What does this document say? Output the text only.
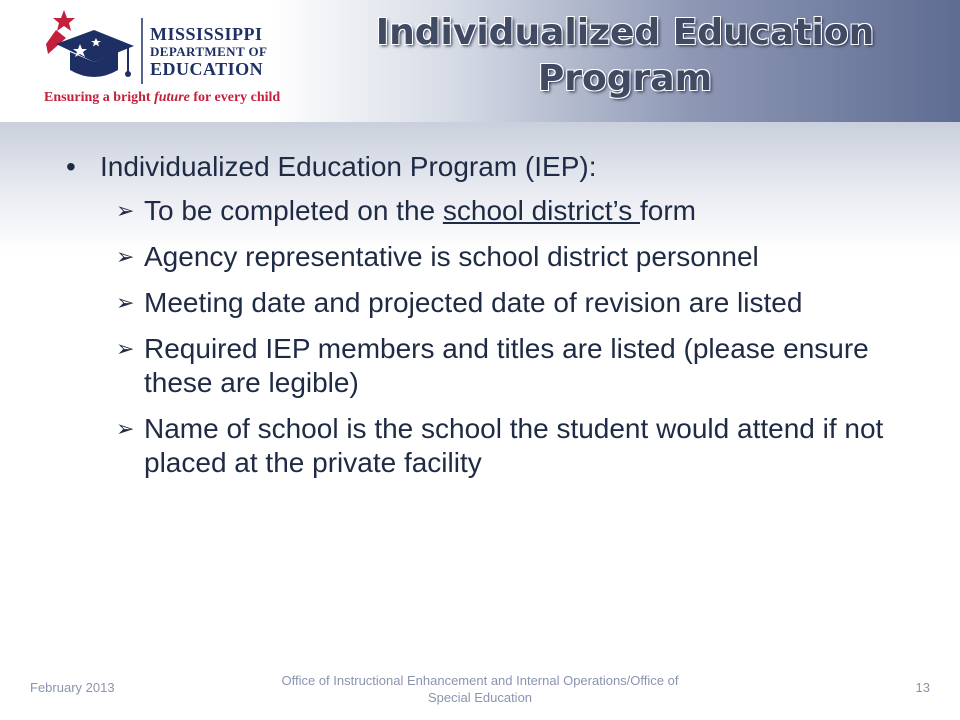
MISSISSIPPI
DEPARTMENT OF
EDUCATION
Ensuring a bright future for every child
Individualized Education Program
• Individualized Education Program (IEP):
➢ To be completed on the school district’s form
➢ Agency representative is school district personnel
➢ Meeting date and projected date of revision are listed
➢ Required IEP members and titles are listed (please ensure these are legible)
➢ Name of school is the school the student would attend if not placed at the private facility
February 2013	Office of Instructional Enhancement and Internal Operations/Office of Special Education
13
